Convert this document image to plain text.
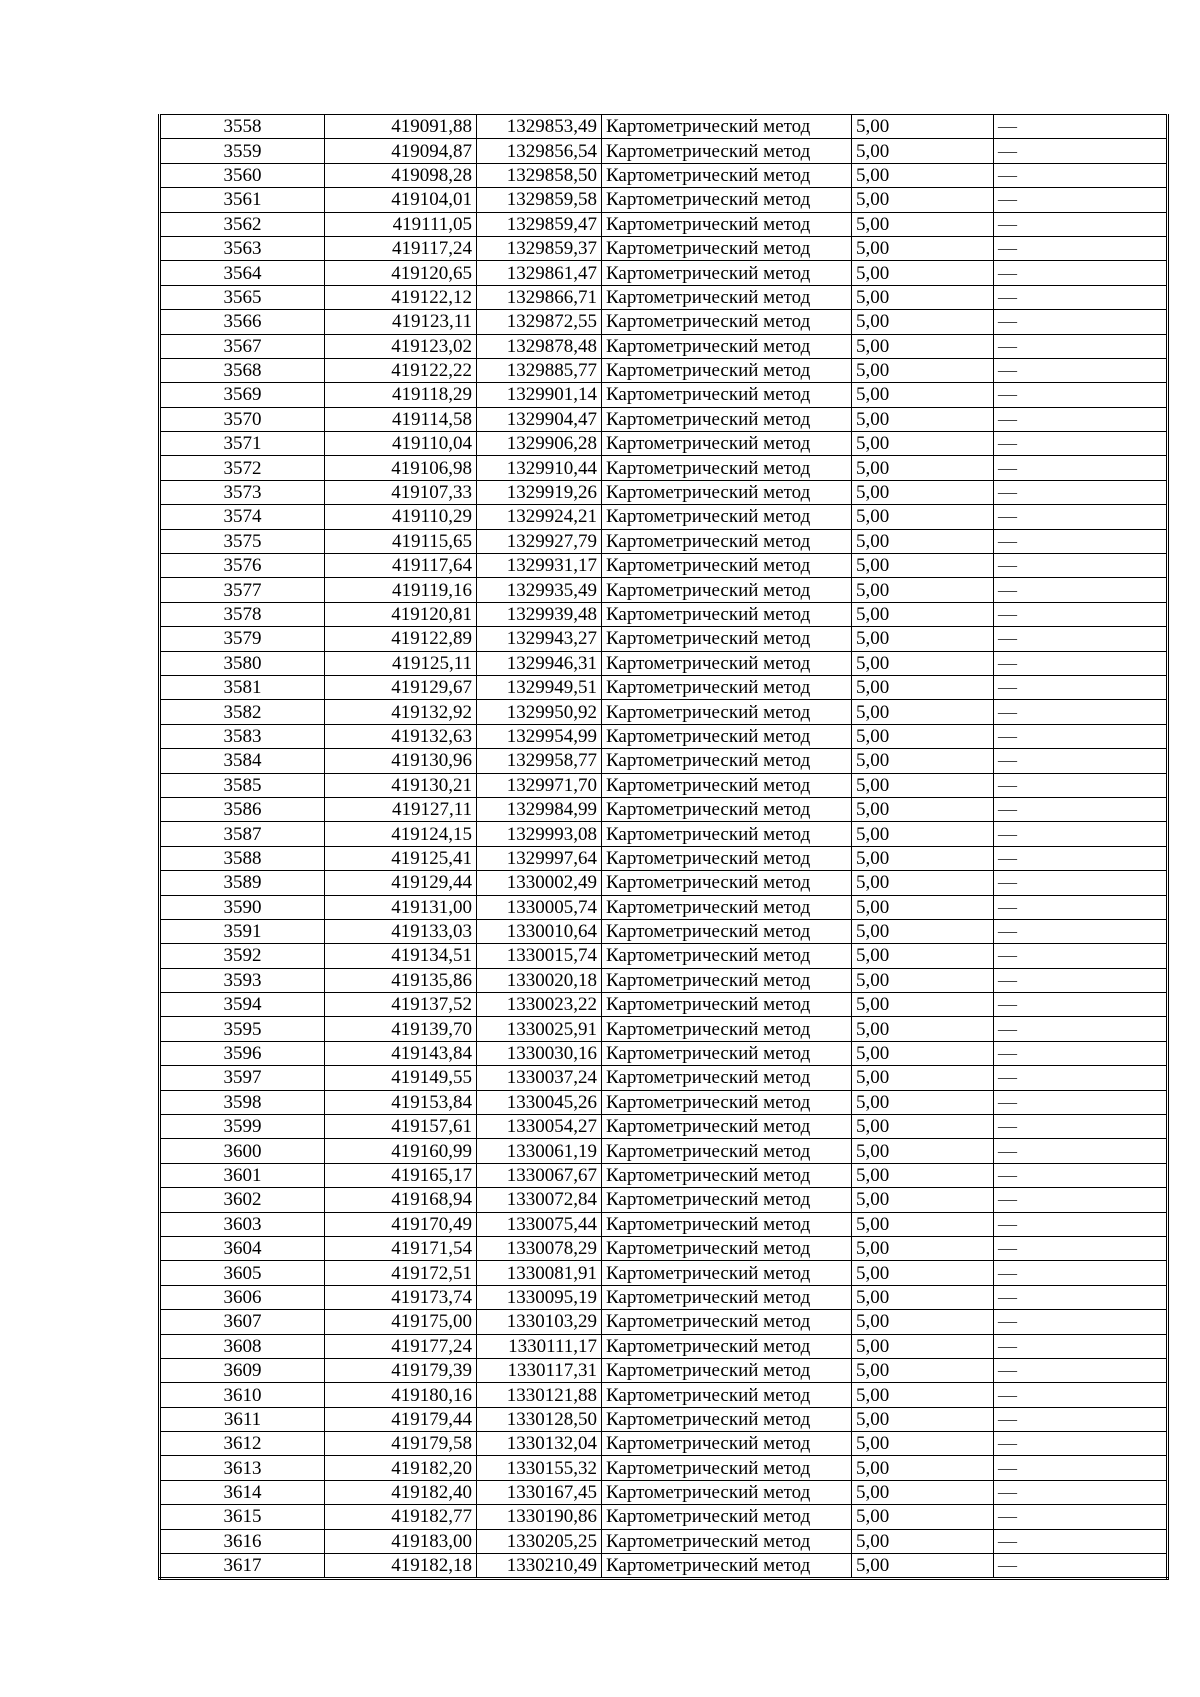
3558	419091,88	1329853,49	Картометрический метод	5,00	—
3559	419094,87	1329856,54	Картометрический метод	5,00	—
3560	419098,28	1329858,50	Картометрический метод	5,00	—
3561	419104,01	1329859,58	Картометрический метод	5,00	—
3562	419111,05	1329859,47	Картометрический метод	5,00	—
3563	419117,24	1329859,37	Картометрический метод	5,00	—
3564	419120,65	1329861,47	Картометрический метод	5,00	—
3565	419122,12	1329866,71	Картометрический метод	5,00	—
3566	419123,11	1329872,55	Картометрический метод	5,00	—
3567	419123,02	1329878,48	Картометрический метод	5,00	—
3568	419122,22	1329885,77	Картометрический метод	5,00	—
3569	419118,29	1329901,14	Картометрический метод	5,00	—
3570	419114,58	1329904,47	Картометрический метод	5,00	—
3571	419110,04	1329906,28	Картометрический метод	5,00	—
3572	419106,98	1329910,44	Картометрический метод	5,00	—
3573	419107,33	1329919,26	Картометрический метод	5,00	—
3574	419110,29	1329924,21	Картометрический метод	5,00	—
3575	419115,65	1329927,79	Картометрический метод	5,00	—
3576	419117,64	1329931,17	Картометрический метод	5,00	—
3577	419119,16	1329935,49	Картометрический метод	5,00	—
3578	419120,81	1329939,48	Картометрический метод	5,00	—
3579	419122,89	1329943,27	Картометрический метод	5,00	—
3580	419125,11	1329946,31	Картометрический метод	5,00	—
3581	419129,67	1329949,51	Картометрический метод	5,00	—
3582	419132,92	1329950,92	Картометрический метод	5,00	—
3583	419132,63	1329954,99	Картометрический метод	5,00	—
3584	419130,96	1329958,77	Картометрический метод	5,00	—
3585	419130,21	1329971,70	Картометрический метод	5,00	—
3586	419127,11	1329984,99	Картометрический метод	5,00	—
3587	419124,15	1329993,08	Картометрический метод	5,00	—
3588	419125,41	1329997,64	Картометрический метод	5,00	—
3589	419129,44	1330002,49	Картометрический метод	5,00	—
3590	419131,00	1330005,74	Картометрический метод	5,00	—
3591	419133,03	1330010,64	Картометрический метод	5,00	—
3592	419134,51	1330015,74	Картометрический метод	5,00	—
3593	419135,86	1330020,18	Картометрический метод	5,00	—
3594	419137,52	1330023,22	Картометрический метод	5,00	—
3595	419139,70	1330025,91	Картометрический метод	5,00	—
3596	419143,84	1330030,16	Картометрический метод	5,00	—
3597	419149,55	1330037,24	Картометрический метод	5,00	—
3598	419153,84	1330045,26	Картометрический метод	5,00	—
3599	419157,61	1330054,27	Картометрический метод	5,00	—
3600	419160,99	1330061,19	Картометрический метод	5,00	—
3601	419165,17	1330067,67	Картометрический метод	5,00	—
3602	419168,94	1330072,84	Картометрический метод	5,00	—
3603	419170,49	1330075,44	Картометрический метод	5,00	—
3604	419171,54	1330078,29	Картометрический метод	5,00	—
3605	419172,51	1330081,91	Картометрический метод	5,00	—
3606	419173,74	1330095,19	Картометрический метод	5,00	—
3607	419175,00	1330103,29	Картометрический метод	5,00	—
3608	419177,24	1330111,17	Картометрический метод	5,00	—
3609	419179,39	1330117,31	Картометрический метод	5,00	—
3610	419180,16	1330121,88	Картометрический метод	5,00	—
3611	419179,44	1330128,50	Картометрический метод	5,00	—
3612	419179,58	1330132,04	Картометрический метод	5,00	—
3613	419182,20	1330155,32	Картометрический метод	5,00	—
3614	419182,40	1330167,45	Картометрический метод	5,00	—
3615	419182,77	1330190,86	Картометрический метод	5,00	—
3616	419183,00	1330205,25	Картометрический метод	5,00	—
3617	419182,18	1330210,49	Картометрический метод	5,00	—
